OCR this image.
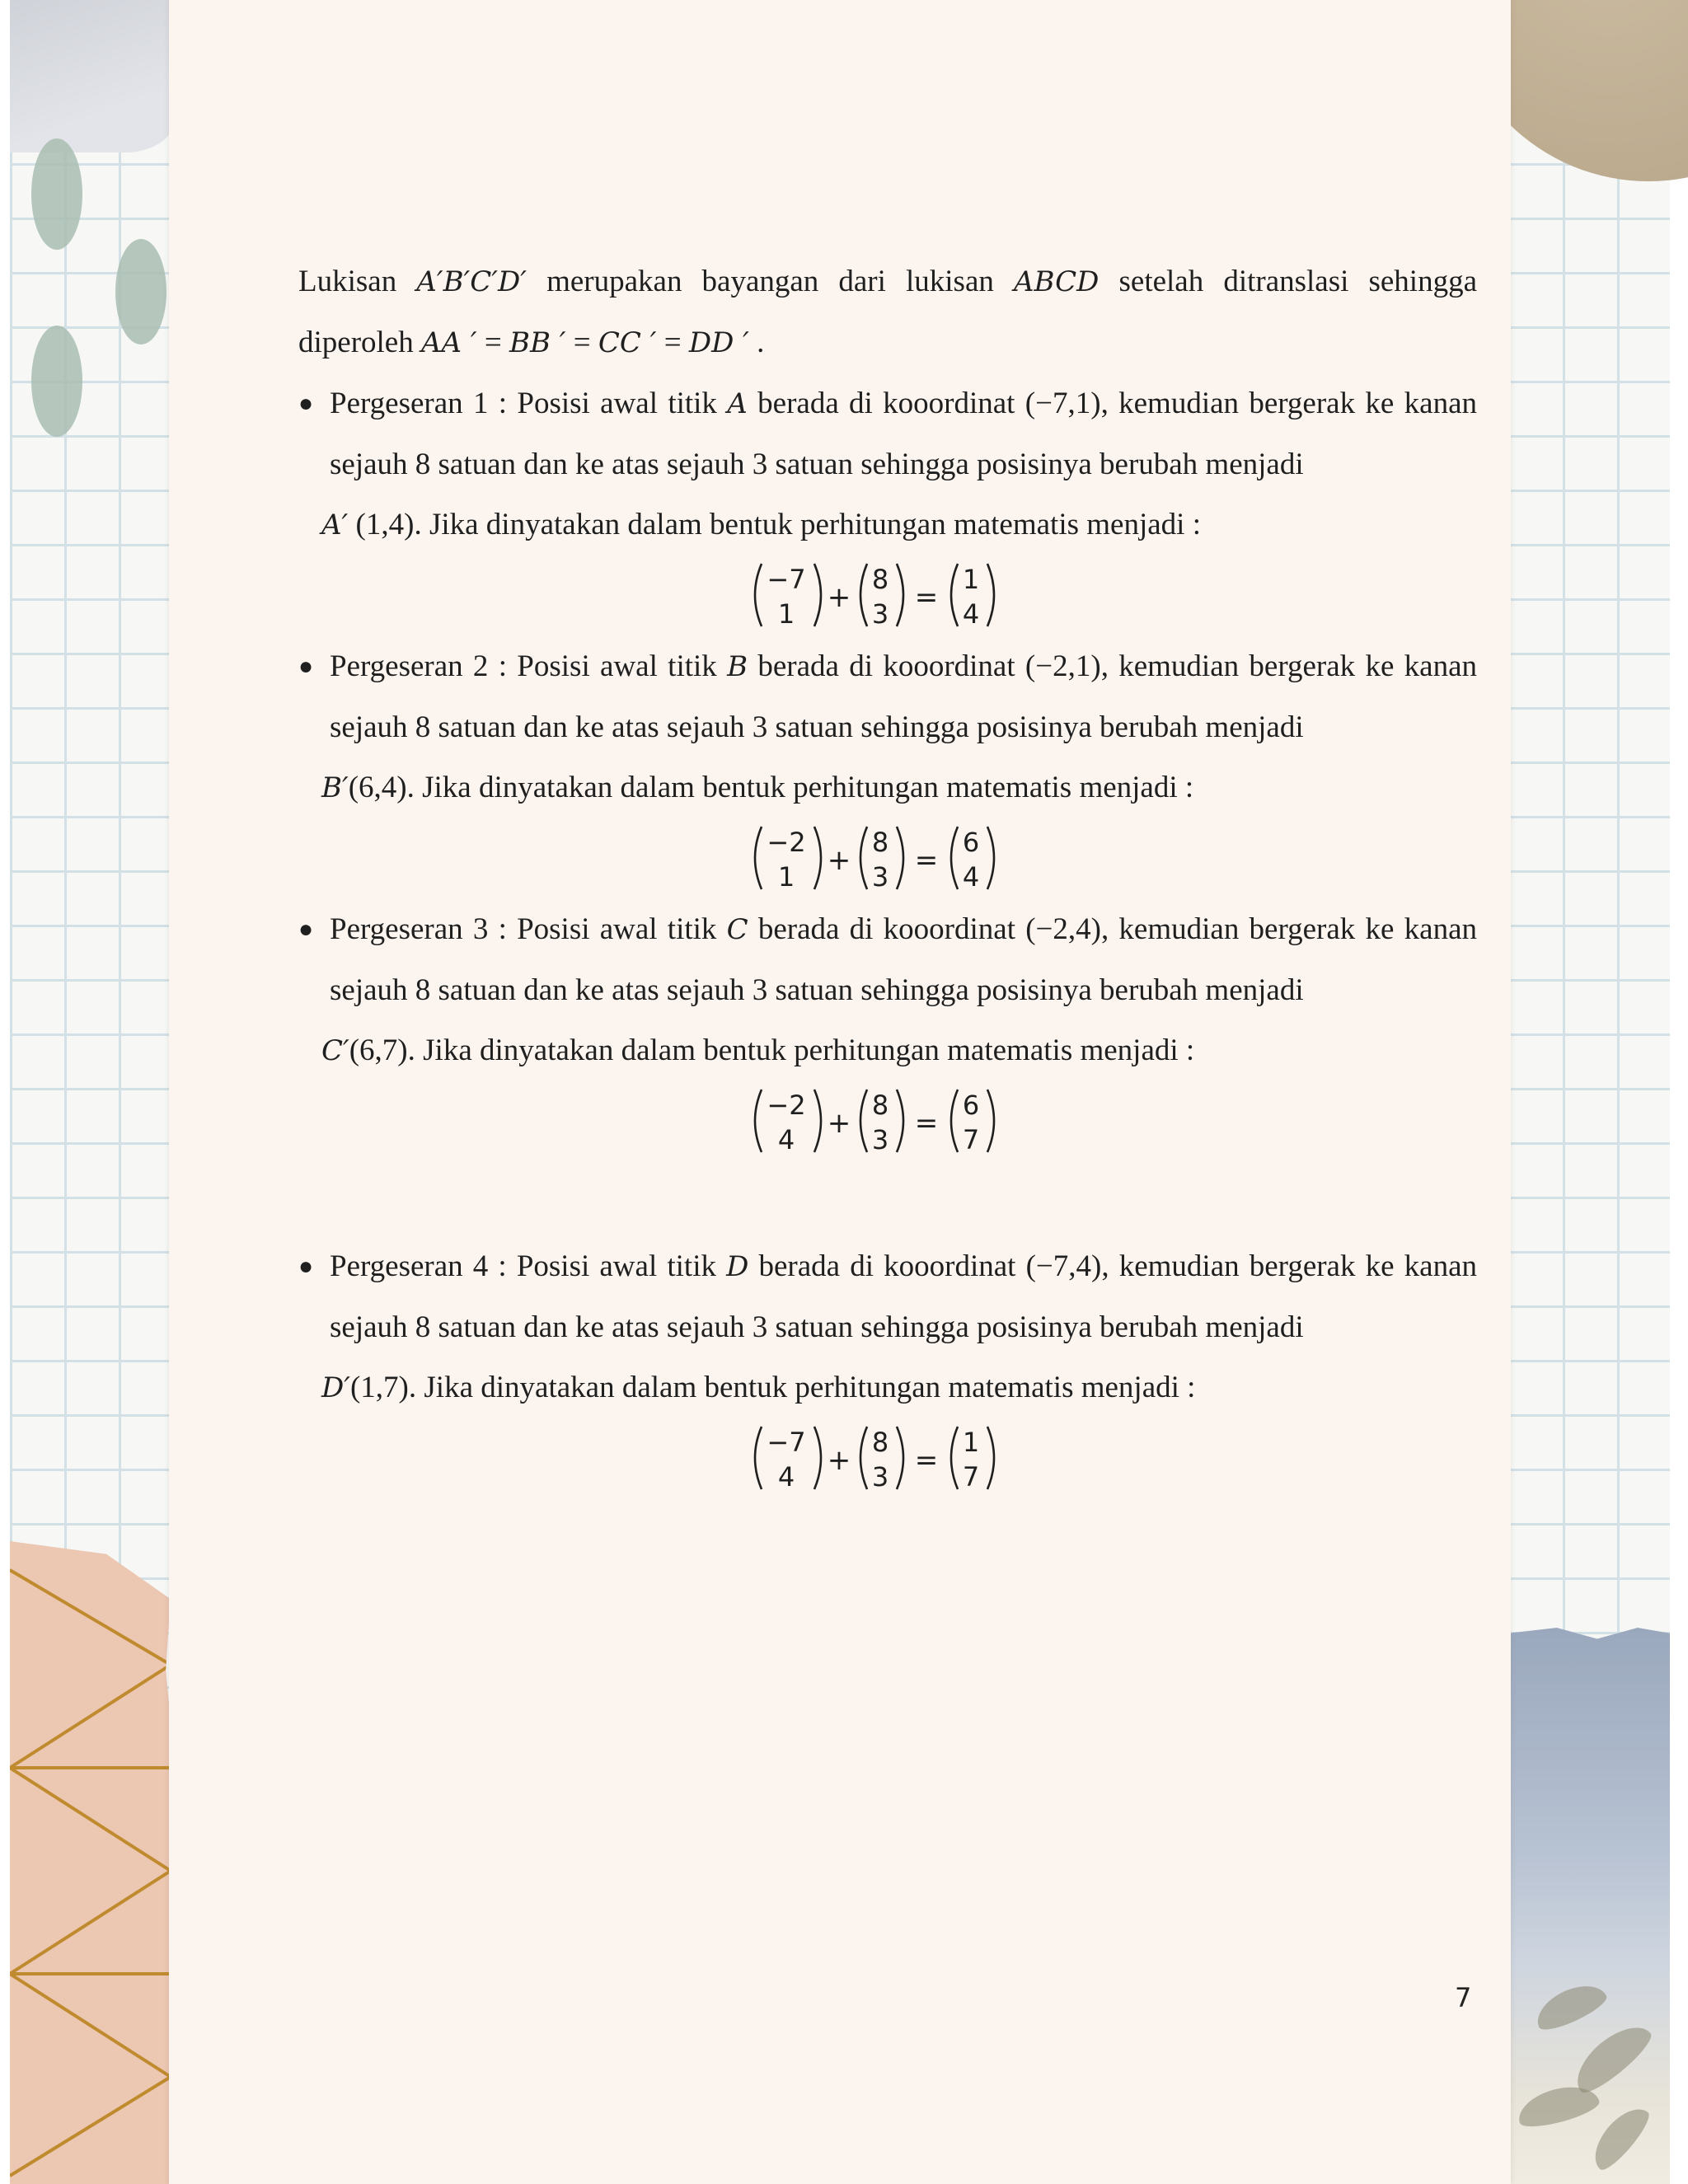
Lukisan A′B′C′D′ merupakan bayangan dari lukisan ABCD setelah ditranslasi sehingga diperoleh AA ′ = BB ′ = CC ′ = DD ′ .

● Pergeseran 1 : Posisi awal titik A berada di kooordinat (−7,1), kemudian bergerak ke kanan sejauh 8 satuan dan ke atas sejauh 3 satuan sehingga posisinya berubah menjadi
A′ (1,4). Jika dinyatakan dalam bentuk perhitungan matematis menjadi :
−7
1 +
8
3 =
1
4
● Pergeseran 2 : Posisi awal titik B berada di kooordinat (−2,1), kemudian bergerak ke kanan sejauh 8 satuan dan ke atas sejauh 3 satuan sehingga posisinya berubah menjadi
B′(6,4). Jika dinyatakan dalam bentuk perhitungan matematis menjadi :
−2
1 +
8
3 =
6
4
● Pergeseran 3 : Posisi awal titik C berada di kooordinat (−2,4), kemudian bergerak ke kanan sejauh 8 satuan dan ke atas sejauh 3 satuan sehingga posisinya berubah menjadi
C′(6,7). Jika dinyatakan dalam bentuk perhitungan matematis menjadi :
−2
4 +
8
3 =
6
7
● Pergeseran 4 : Posisi awal titik D berada di kooordinat (−7,4), kemudian bergerak ke kanan sejauh 8 satuan dan ke atas sejauh 3 satuan sehingga posisinya berubah menjadi
D′(1,7). Jika dinyatakan dalam bentuk perhitungan matematis menjadi :
−7
4 +
8
3 =
1
7
7
